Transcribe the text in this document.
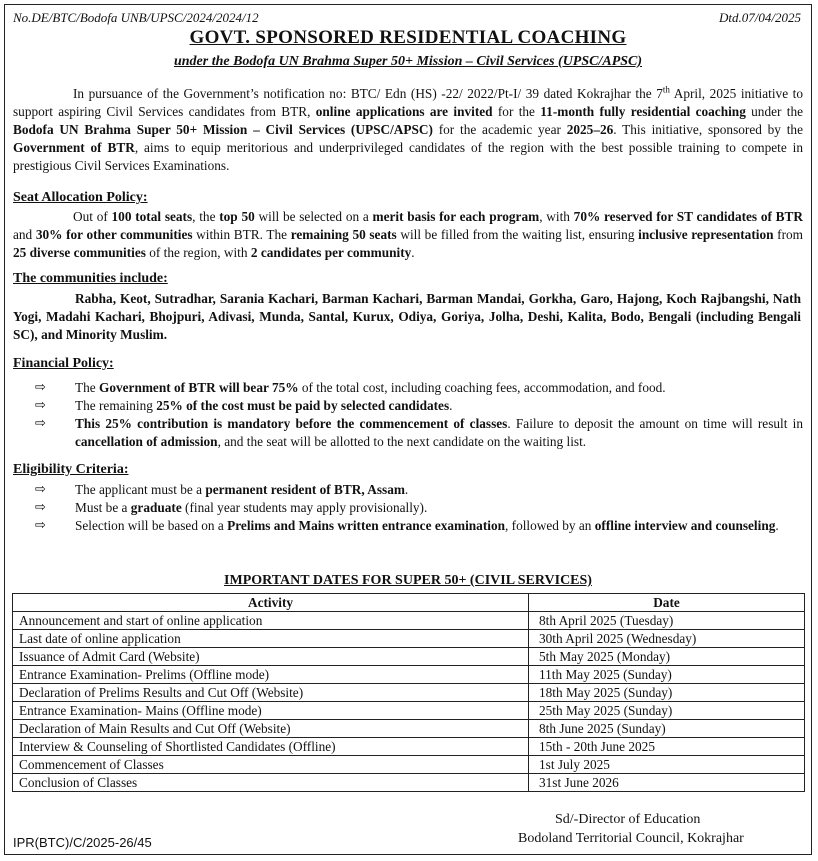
No.DE/BTC/Bodofa UNB/UPSC/2024/2024/12	Dtd.07/04/2025
GOVT. SPONSORED RESIDENTIAL COACHING
under the Bodofa UN Brahma Super 50+ Mission – Civil Services (UPSC/APSC)
In pursuance of the Government’s notification no: BTC/ Edn (HS) -22/ 2022/Pt-I/ 39 dated Kokrajhar the 7th April, 2025 initiative to support aspiring Civil Services candidates from BTR, online applications are invited for the 11-month fully residential coaching under the Bodofa UN Brahma Super 50+ Mission – Civil Services (UPSC/APSC) for the academic year 2025–26. This initiative, sponsored by the Government of BTR, aims to equip meritorious and underprivileged candidates of the region with the best possible training to compete in prestigious Civil Services Examinations.
Seat Allocation Policy:
Out of 100 total seats, the top 50 will be selected on a merit basis for each program, with 70% reserved for ST candidates of BTR and 30% for other communities within BTR. The remaining 50 seats will be filled from the waiting list, ensuring inclusive representation from 25 diverse communities of the region, with 2 candidates per community.
The communities include:
Rabha, Keot, Sutradhar, Sarania Kachari, Barman Kachari, Barman Mandai, Gorkha, Garo, Hajong, Koch Rajbangshi, Nath Yogi, Madahi Kachari, Bhojpuri, Adivasi, Munda, Santal, Kurux, Odiya, Goriya, Jolha, Deshi, Kalita, Bodo, Bengali (including Bengali SC), and Minority Muslim.
Financial Policy:
⇨ The Government of BTR will bear 75% of the total cost, including coaching fees, accommodation, and food.
⇨ The remaining 25% of the cost must be paid by selected candidates.
⇨ This 25% contribution is mandatory before the commencement of classes. Failure to deposit the amount on time will result in cancellation of admission, and the seat will be allotted to the next candidate on the waiting list.
Eligibility Criteria:
⇨ The applicant must be a permanent resident of BTR, Assam.
⇨ Must be a graduate (final year students may apply provisionally).
⇨ Selection will be based on a Prelims and Mains written entrance examination, followed by an offline interview and counseling.
IMPORTANT DATES FOR SUPER 50+ (CIVIL SERVICES)
Activity	Date
Announcement and start of online application	8th April 2025 (Tuesday)
Last date of online application	30th April 2025 (Wednesday)
Issuance of Admit Card (Website)	5th May 2025 (Monday)
Entrance Examination- Prelims (Offline mode)	11th May 2025 (Sunday)
Declaration of Prelims Results and Cut Off (Website)	18th May 2025 (Sunday)
Entrance Examination- Mains (Offline mode)	25th May 2025 (Sunday)
Declaration of Main Results and Cut Off (Website)	8th June 2025 (Sunday)
Interview & Counseling of Shortlisted Candidates (Offline)	15th - 20th June 2025
Commencement of Classes	1st July 2025
Conclusion of Classes	31st June 2026
Sd/-Director of Education
Bodoland Territorial Council, Kokrajhar
IPR(BTC)/C/2025-26/45
